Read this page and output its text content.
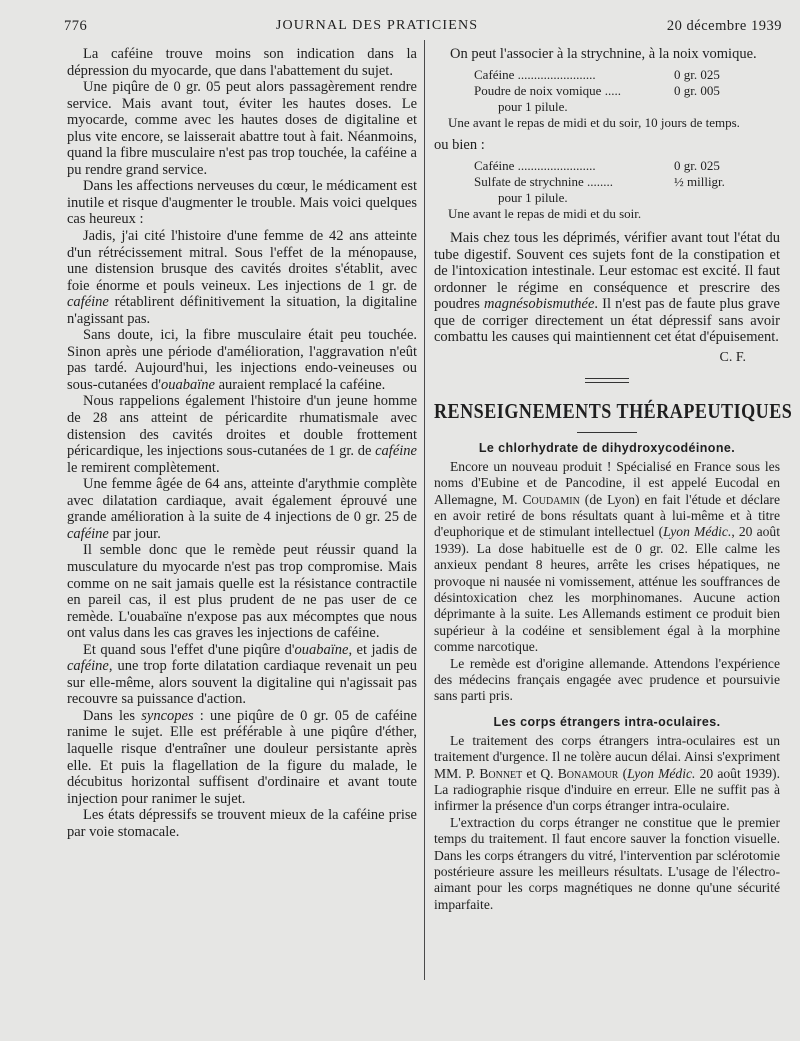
776	JOURNAL DES PRATICIENS	20 décembre 1939

La caféine trouve moins son indication dans la dépression du myocarde, que dans l'abattement du sujet.

Une piqûre de 0 gr. 05 peut alors passagèrement rendre service. Mais avant tout, éviter les hautes doses. Le myocarde, comme avec les hautes doses de digitaline et plus vite encore, se laisserait abattre tout à fait. Néanmoins, quand la fibre musculaire n'est pas trop touchée, la caféine a pu rendre grand service.

Dans les affections nerveuses du cœur, le médicament est inutile et risque d'augmenter le trouble. Mais voici quelques cas heureux :

Jadis, j'ai cité l'histoire d'une femme de 42 ans atteinte d'un rétrécissement mitral. Sous l'effet de la ménopause, une distension brusque des cavités droites s'établit, avec foie énorme et pouls veineux. Les injections de 1 gr. de caféine rétablirent définitivement la situation, la digitaline n'agissant pas.

Sans doute, ici, la fibre musculaire était peu touchée. Sinon après une période d'amélioration, l'aggravation n'eût pas tardé. Aujourd'hui, les injections endo-veineuses ou sous-cutanées d'ouabaïne auraient remplacé la caféine.

Nous rappelions également l'histoire d'un jeune homme de 28 ans atteint de péricardite rhumatismale avec distension des cavités droites et double frottement péricardique, les injections sous-cutanées de 1 gr. de caféine le remirent complètement.

Une femme âgée de 64 ans, atteinte d'arythmie complète avec dilatation cardiaque, avait également éprouvé une grande amélioration à la suite de 4 injections de 0 gr. 25 de caféine par jour.

Il semble donc que le remède peut réussir quand la musculature du myocarde n'est pas trop compromise. Mais comme on ne sait jamais quelle est la résistance contractile en pareil cas, il est plus prudent de ne pas user de ce remède. L'ouabaïne n'expose pas aux mécomptes que nous ont valus dans les cas graves les injections de caféine.

Et quand sous l'effet d'une piqûre d'ouabaïne, et jadis de caféine, une trop forte dilatation cardiaque revenait un peu sur elle-même, alors souvent la digitaline qui n'agissait pas recouvre sa puissance d'action.

Dans les syncopes : une piqûre de 0 gr. 05 de caféine ranime le sujet. Elle est préférable à une piqûre d'éther, laquelle risque d'entraîner une douleur persistante après elle. Et puis la flagellation de la figure du malade, le décubitus horizontal suffisent d'ordinaire et avant toute injection pour ranimer le sujet.

Les états dépressifs se trouvent mieux de la caféine prise par voie stomacale.

On peut l'associer à la strychnine, à la noix vomique.

Caféine ........................	0 gr. 025
Poudre de noix vomique .....	0 gr. 005
pour 1 pilule.
Une avant le repas de midi et du soir, 10 jours de temps.

ou bien :

Caféine ........................	0 gr. 025
Sulfate de strychnine ........	½ milligr.
pour 1 pilule.
Une avant le repas de midi et du soir.

Mais chez tous les déprimés, vérifier avant tout l'état du tube digestif. Souvent ces sujets font de la constipation et de l'intoxication intestinale. Leur estomac est excité. Il faut ordonner le régime en conséquence et prescrire des poudres magnésobismuthée. Il n'est pas de faute plus grave que de corriger directement un état dépressif sans avoir combattu les causes qui maintiennent cet état d'épuisement.

C. F.
RENSEIGNEMENTS THÉRAPEUTIQUES
Le chlorhydrate de dihydroxycodéinone.

Encore un nouveau produit ! Spécialisé en France sous les noms d'Eubine et de Pancodine, il est appelé Eucodal en Allemagne, M. Coudamin (de Lyon) en fait l'étude et déclare en avoir retiré de bons résultats quant à lui-même et à titre d'euphorique et de stimulant intellectuel (Lyon Médic., 20 août 1939). La dose habituelle est de 0 gr. 02. Elle calme les anxieux pendant 8 heures, arrête les crises hépatiques, ne provoque ni nausée ni vomissement, atténue les souffrances de désintoxication chez les morphinomanes. Aucune action déprimante à la suite. Les Allemands estiment ce produit bien supérieur à la codéine et sensiblement égal à la morphine comme narcotique.

Le remède est d'origine allemande. Attendons l'expérience des médecins français engagée avec prudence et poursuivie sans parti pris.

Les corps étrangers intra-oculaires.

Le traitement des corps étrangers intra-oculaires est un traitement d'urgence. Il ne tolère aucun délai. Ainsi s'expriment MM. P. Bonnet et Q. Bonamour (Lyon Médic. 20 août 1939). La radiographie risque d'induire en erreur. Elle ne suffit pas à infirmer la présence d'un corps étranger intra-oculaire.

L'extraction du corps étranger ne constitue que le premier temps du traitement. Il faut encore sauver la fonction visuelle. Dans les corps étrangers du vitré, l'intervention par sclérotomie postérieure assure les meilleurs résultats. L'usage de l'électro-aimant pour les corps magnétiques ne donne qu'une sécurité imparfaite.
